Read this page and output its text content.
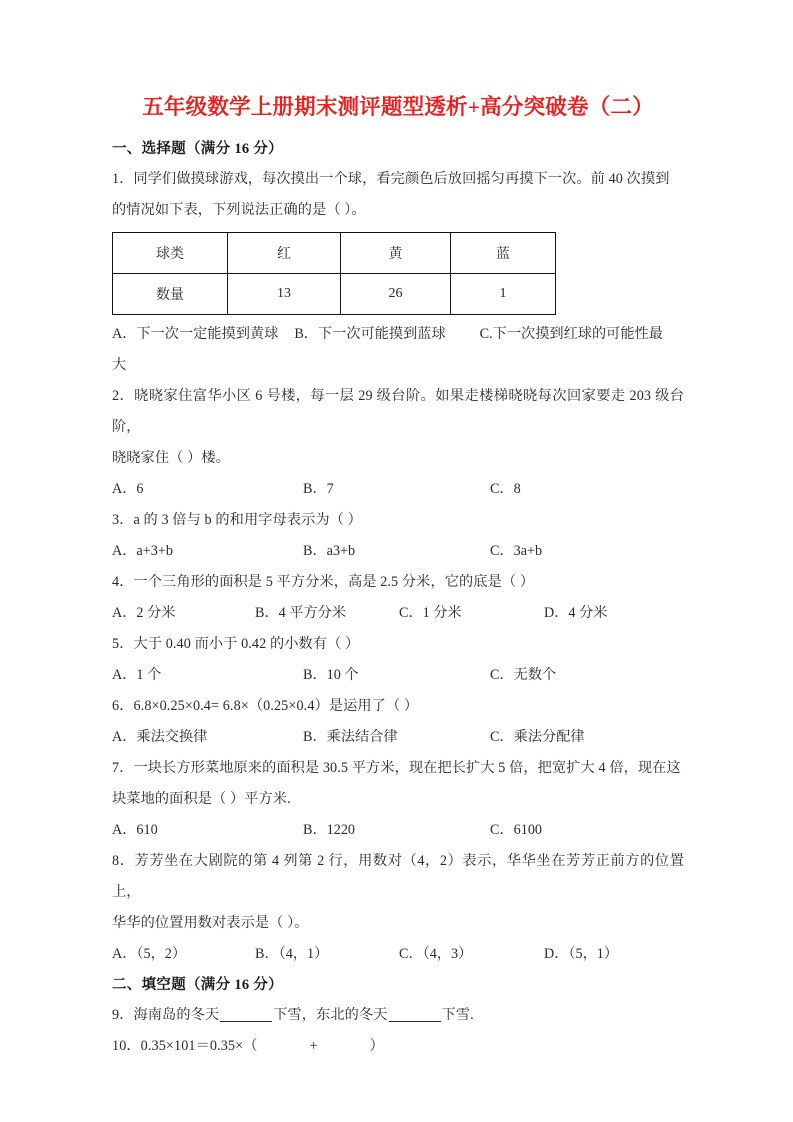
五年级数学上册期末测评题型透析+高分突破卷（二）
一、选择题（满分 16 分）

1．同学们做摸球游戏，每次摸出一个球，看完颜色后放回摇匀再摸下一次。前 40 次摸到

的情况如下表，下列说法正确的是（ ）。

球类	红	黄	蓝
数量	13	26	1

A．下一次一定能摸到黄球 B．下一次可能摸到蓝球 C.下一次摸到红球的可能性最

大

2．晓晓家住富华小区 6 号楼，每一层 29 级台阶。如果走楼梯晓晓每次回家要走 203 级台阶，

晓晓家住（ ）楼。

A．6	B．7	C．8

3．a 的 3 倍与 b 的和用字母表示为（ ）

A．a+3+b	B．a3+b	C．3a+b

4．一个三角形的面积是 5 平方分米，高是 2.5 分米，它的底是（ ）

A．2 分米	B．4 平方分米	C．1 分米	D．4 分米

5．大于 0.40 而小于 0.42 的小数有（ ）

A．1 个	B．10 个	C．无数个

6．6.8×0.25×0.4= 6.8×（0.25×0.4）是运用了（ ）

A．乘法交换律	B．乘法结合律	C．乘法分配律

7．一块长方形菜地原来的面积是 30.5 平方米，现在把长扩大 5 倍，把宽扩大 4 倍，现在这

块菜地的面积是（ ）平方米.

A．610	B．1220	C．6100

8．芳芳坐在大剧院的第 4 列第 2 行，用数对（4，2）表示，华华坐在芳芳正前方的位置上，

华华的位置用数对表示是（ ）。

A．（5，2）	B．（4，1）	C．（4，3）	D．（5，1）
二、填空题（满分 16 分）

9．海南岛的冬天	下雪，东北的冬天	下雪.

10．0.35×101＝0.35×（	+	）
